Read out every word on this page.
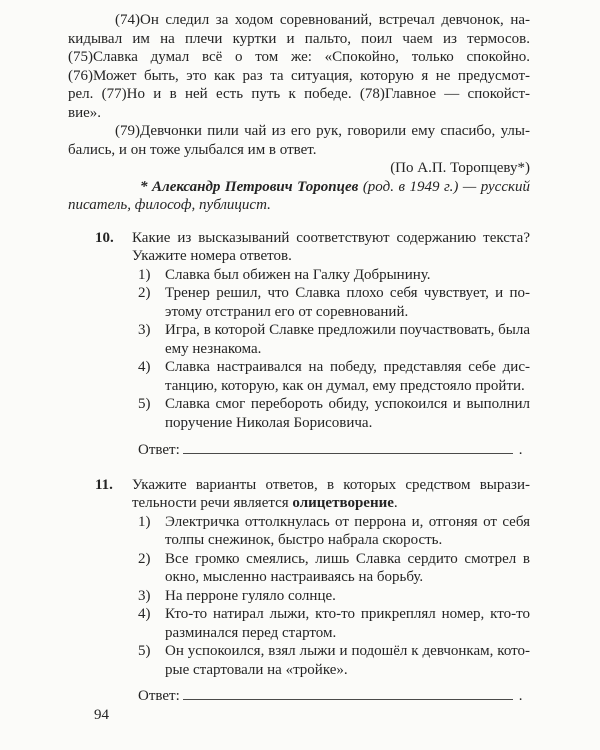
(74)Он следил за ходом соревнований, встречал девчонок, на-
кидывал им на плечи куртки и пальто, поил чаем из термосов.
(75)Славка думал всё о том же: «Спокойно, только спокойно.
(76)Может быть, это как раз та ситуация, которую я не предусмот-
рел. (77)Но и в ней есть путь к победе. (78)Главное — спокойст-
вие».
(79)Девчонки пили чай из его рук, говорили ему спасибо, улы-
бались, и он тоже улыбался им в ответ.
(По А.П. Торопцеву*)
* Александр Петрович Торопцев (род. в 1949 г.) — русский
писатель, философ, публицист.
10.	Какие из высказываний соответствуют содержанию текста?
Укажите номера ответов.
1) Славка был обижен на Галку Добрынину.
2) Тренер решил, что Славка плохо себя чувствует, и по-
этому отстранил его от соревнований.
3) Игра, в которой Славке предложили поучаствовать, была
ему незнакома.
4) Славка настраивался на победу, представляя себе дис-
танцию, которую, как он думал, ему предстояло пройти.
5) Славка смог перебороть обиду, успокоился и выполнил
поручение Николая Борисовича.
Ответ:	.
11.	Укажите варианты ответов, в которых средством вырази-
тельности речи является олицетворение.
1) Электричка оттолкнулась от перрона и, отгоняя от себя
толпы снежинок, быстро набрала скорость.
2) Все громко смеялись, лишь Славка сердито смотрел в
окно, мысленно настраиваясь на борьбу.
3) На перроне гуляло солнце.
4) Кто-то натирал лыжи, кто-то прикреплял номер, кто-то
разминался перед стартом.
5) Он успокоился, взял лыжи и подошёл к девчонкам, кото-
рые стартовали на «тройке».
Ответ:	.
94
